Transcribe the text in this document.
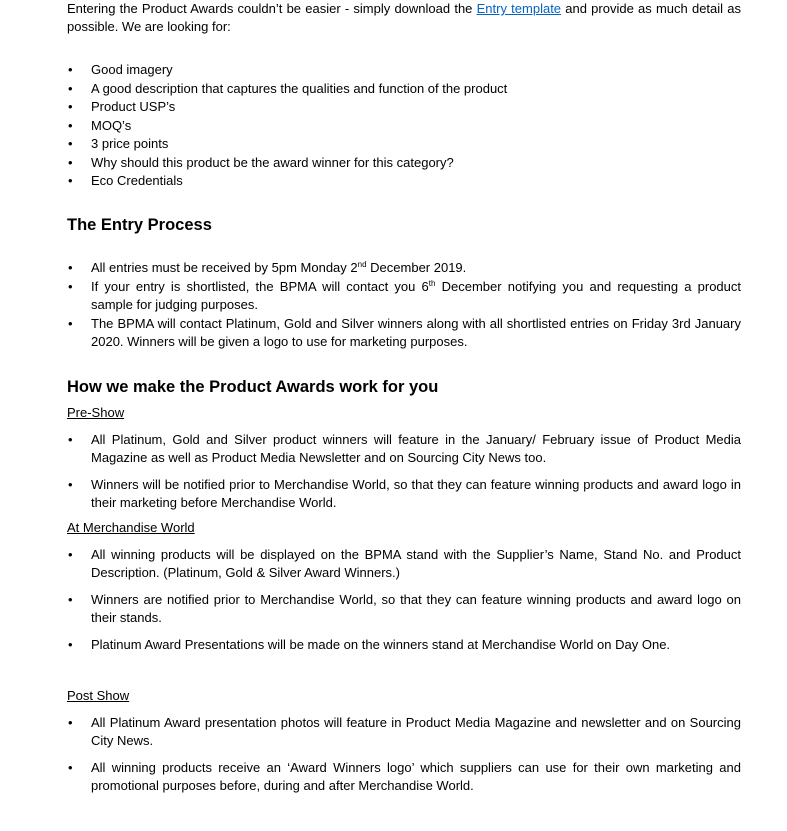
Entering the Product Awards couldn’t be easier - simply download the Entry template and provide as much detail as possible. We are looking for:

• Good imagery
• A good description that captures the qualities and function of the product
• Product USP’s
• MOQ’s
• 3 price points
• Why should this product be the award winner for this category?
• Eco Credentials
The Entry Process
• All entries must be received by 5pm Monday 2nd December 2019.
• If your entry is shortlisted, the BPMA will contact you 6th December notifying you and requesting a product sample for judging purposes.
• The BPMA will contact Platinum, Gold and Silver winners along with all shortlisted entries on Friday 3rd January 2020. Winners will be given a logo to use for marketing purposes.
How we make the Product Awards work for you

Pre-Show

• All Platinum, Gold and Silver product winners will feature in the January/ February issue of Product Media Magazine as well as Product Media Newsletter and on Sourcing City News too.
• Winners will be notified prior to Merchandise World, so that they can feature winning products and award logo in their marketing before Merchandise World.

At Merchandise World

• All winning products will be displayed on the BPMA stand with the Supplier’s Name, Stand No. and Product Description. (Platinum, Gold & Silver Award Winners.)
• Winners are notified prior to Merchandise World, so that they can feature winning products and award logo on their stands.
• Platinum Award Presentations will be made on the winners stand at Merchandise World on Day One.

Post Show

• All Platinum Award presentation photos will feature in Product Media Magazine and newsletter and on Sourcing City News.
• All winning products receive an ‘Award Winners logo’ which suppliers can use for their own marketing and promotional purposes before, during and after Merchandise World.
